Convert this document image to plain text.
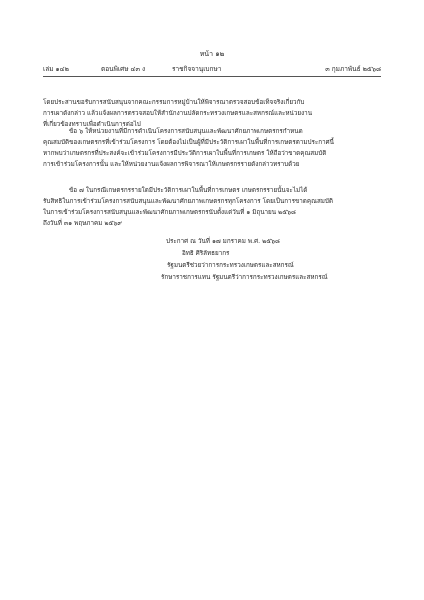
หน้า ๑๒
เล่ม ๑๔๒	ตอนพิเศษ ๔๓ ง	ราชกิจจานุเบกษา	๓ กุมภาพันธ์ ๒๕๖๘
โดยประสานขอรับการสนับสนุนจากคณะกรรมการหมู่บ้านให้พิจารณาตรวจสอบข้อเท็จจริงเกี่ยวกับ
การเผาดังกล่าว แล้วแจ้งผลการตรวจสอบให้สำนักงานปลัดกระทรวงเกษตรและสหกรณ์และหน่วยงาน
ที่เกี่ยวข้องทราบเพื่อดำเนินการต่อไป
ข้อ ๖ ให้หน่วยงานที่มีการดำเนินโครงการสนับสนุนและพัฒนาศักยภาพเกษตรกรกำหนด
คุณสมบัติของเกษตรกรที่เข้าร่วมโครงการ โดยต้องไม่เป็นผู้ที่มีประวัติการเผาในพื้นที่การเกษตรตามประกาศนี้
หากพบว่าเกษตรกรที่ประสงค์จะเข้าร่วมโครงการมีประวัติการเผาในพื้นที่การเกษตร ให้ถือว่าขาดคุณสมบัติ
การเข้าร่วมโครงการนั้น และให้หน่วยงานแจ้งผลการพิจารณาให้เกษตรกรรายดังกล่าวทราบด้วย
ข้อ ๗ ในกรณีเกษตรกรรายใดมีประวัติการเผาในพื้นที่การเกษตร เกษตรกรรายนั้นจะไม่ได้
รับสิทธิในการเข้าร่วมโครงการสนับสนุนและพัฒนาศักยภาพเกษตรกรทุกโครงการ โดยเป็นการขาดคุณสมบัติ
ในการเข้าร่วมโครงการสนับสนุนและพัฒนาศักยภาพเกษตรกรนับตั้งแต่วันที่ ๑ มิถุนายน ๒๕๖๘
ถึงวันที่ ๓๑ พฤษภาคม ๒๕๖๙
ประกาศ ณ วันที่ ๑๗ มกราคม พ.ศ. ๒๕๖๘
อิทธิ ศิริลัทธยากร
รัฐมนตรีช่วยว่าการกระทรวงเกษตรและสหกรณ์
รักษาราชการแทน รัฐมนตรีว่าการกระทรวงเกษตรและสหกรณ์
